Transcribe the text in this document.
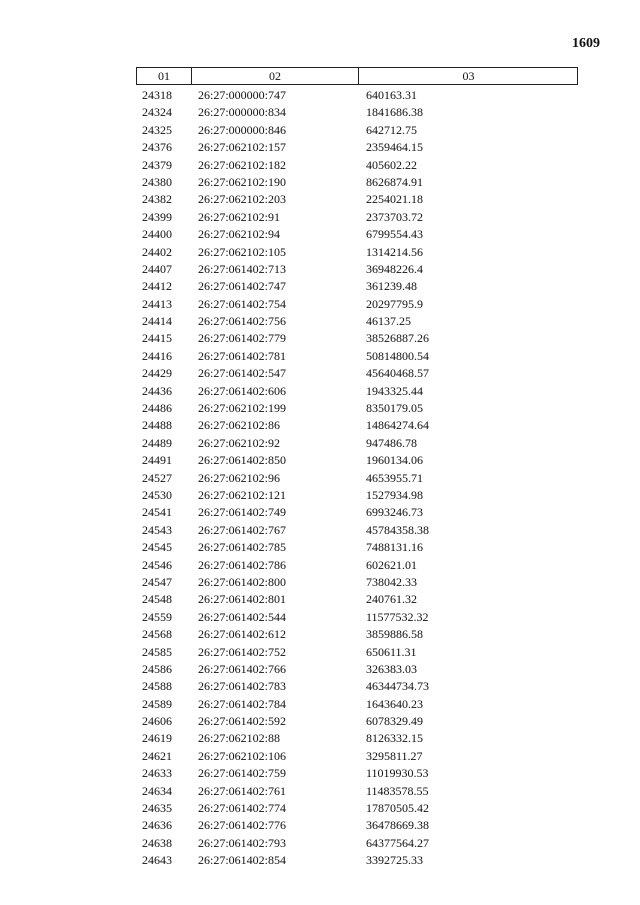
1609
01	02	03
24318 26:27:000000:747	640163.31
24324 26:27:000000:834	1841686.38
24325 26:27:000000:846	642712.75
24376 26:27:062102:157	2359464.15
24379 26:27:062102:182	405602.22
24380 26:27:062102:190	8626874.91
24382 26:27:062102:203	2254021.18
24399 26:27:062102:91	2373703.72
24400 26:27:062102:94	6799554.43
24402 26:27:062102:105	1314214.56
24407 26:27:061402:713	36948226.4
24412 26:27:061402:747	361239.48
24413 26:27:061402:754	20297795.9
24414 26:27:061402:756	46137.25
24415 26:27:061402:779	38526887.26
24416 26:27:061402:781	50814800.54
24429 26:27:061402:547	45640468.57
24436 26:27:061402:606	1943325.44
24486 26:27:062102:199	8350179.05
24488 26:27:062102:86	14864274.64
24489 26:27:062102:92	947486.78
24491 26:27:061402:850	1960134.06
24527 26:27:062102:96	4653955.71
24530 26:27:062102:121	1527934.98
24541 26:27:061402:749	6993246.73
24543 26:27:061402:767	45784358.38
24545 26:27:061402:785	7488131.16
24546 26:27:061402:786	602621.01
24547 26:27:061402:800	738042.33
24548 26:27:061402:801	240761.32
24559 26:27:061402:544	11577532.32
24568 26:27:061402:612	3859886.58
24585 26:27:061402:752	650611.31
24586 26:27:061402:766	326383.03
24588 26:27:061402:783	46344734.73
24589 26:27:061402:784	1643640.23
24606 26:27:061402:592	6078329.49
24619 26:27:062102:88	8126332.15
24621 26:27:062102:106	3295811.27
24633 26:27:061402:759	11019930.53
24634 26:27:061402:761	11483578.55
24635 26:27:061402:774	17870505.42
24636 26:27:061402:776	36478669.38
24638 26:27:061402:793	64377564.27
24643 26:27:061402:854	3392725.33
